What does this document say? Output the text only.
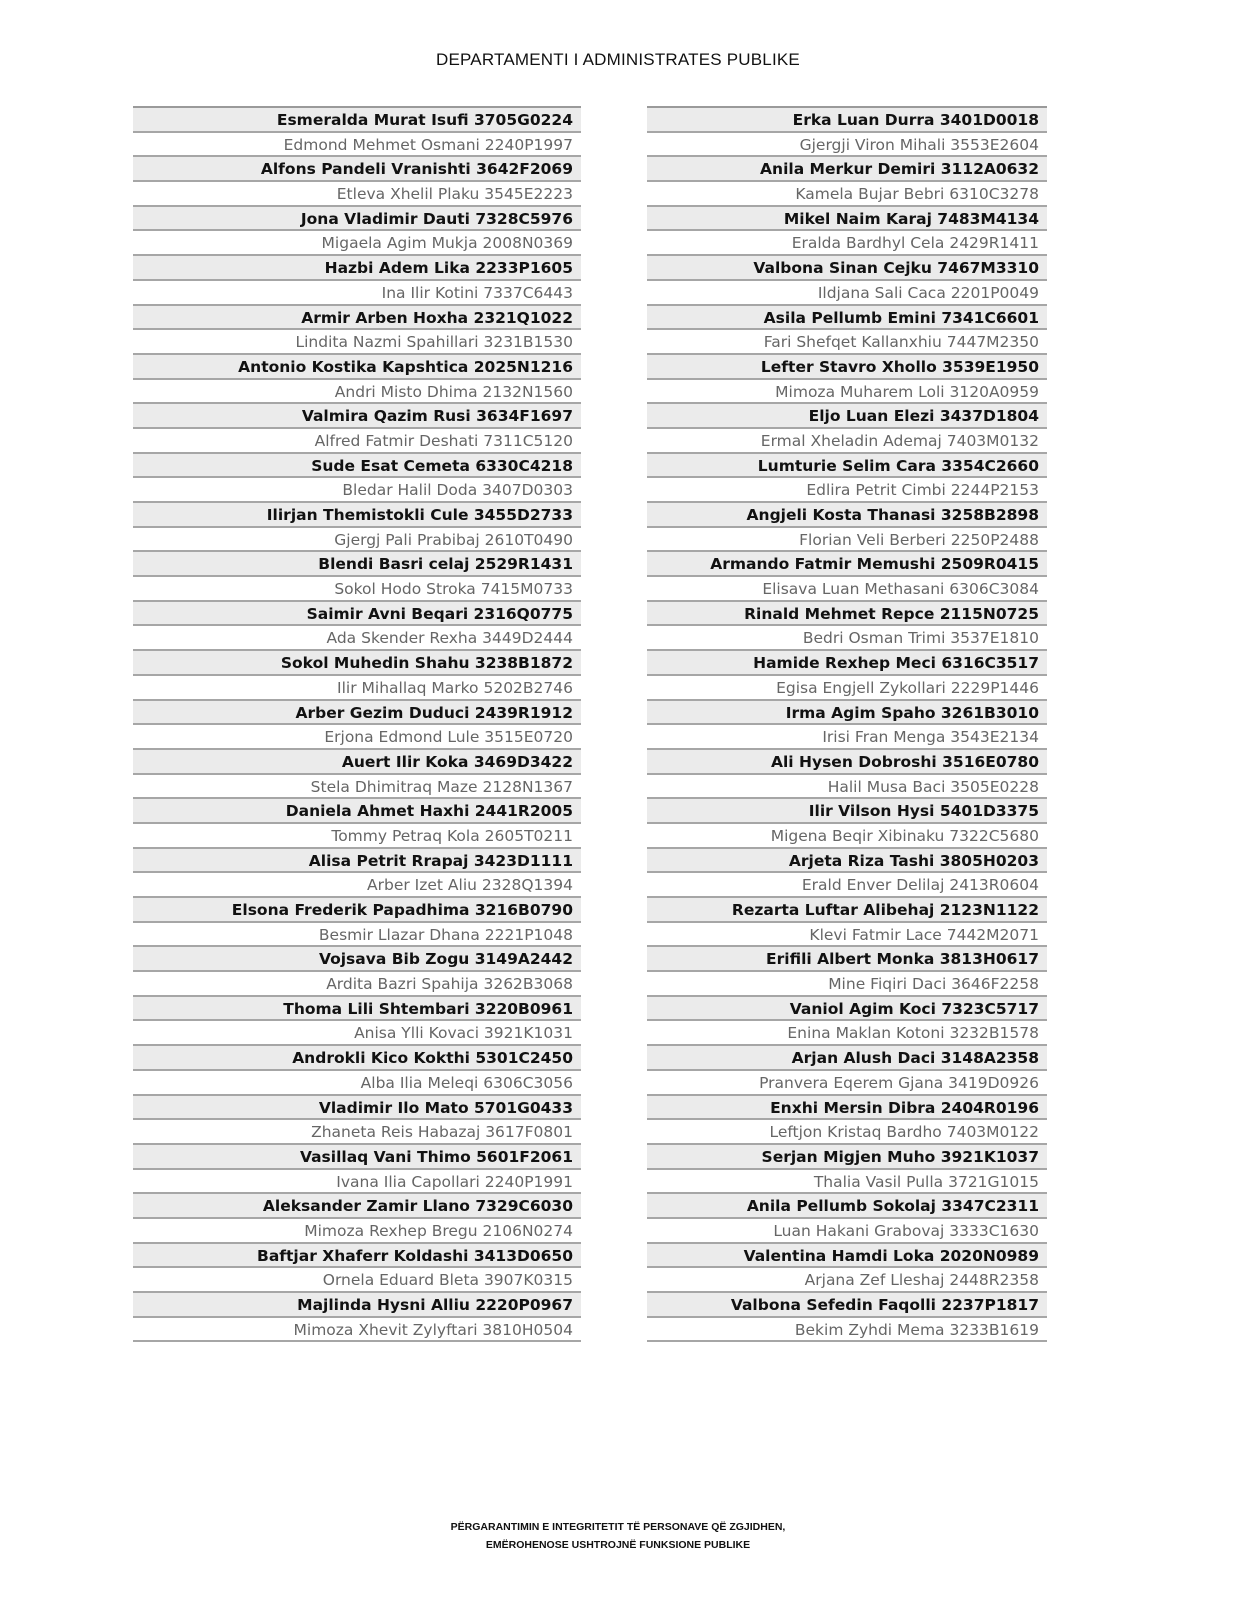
DEPARTAMENTI I ADMINISTRATES PUBLIKE
Esmeralda Murat Isufi 3705G0224
Edmond Mehmet Osmani 2240P1997
Alfons Pandeli Vranishti 3642F2069
Etleva Xhelil Plaku 3545E2223
Jona Vladimir Dauti 7328C5976
Migaela Agim Mukja 2008N0369
Hazbi Adem Lika 2233P1605
Ina Ilir Kotini 7337C6443
Armir Arben Hoxha 2321Q1022
Lindita Nazmi Spahillari 3231B1530
Antonio Kostika Kapshtica 2025N1216
Andri Misto Dhima 2132N1560
Valmira Qazim Rusi 3634F1697
Alfred Fatmir Deshati 7311C5120
Sude Esat Cemeta 6330C4218
Bledar Halil Doda 3407D0303
Ilirjan Themistokli Cule 3455D2733
Gjergj Pali Prabibaj 2610T0490
Blendi Basri celaj 2529R1431
Sokol Hodo Stroka 7415M0733
Saimir Avni Beqari 2316Q0775
Ada Skender Rexha 3449D2444
Sokol Muhedin Shahu 3238B1872
Ilir Mihallaq Marko 5202B2746
Arber Gezim Duduci 2439R1912
Erjona Edmond Lule 3515E0720
Auert Ilir Koka 3469D3422
Stela Dhimitraq Maze 2128N1367
Daniela Ahmet Haxhi 2441R2005
Tommy Petraq Kola 2605T0211
Alisa Petrit Rrapaj 3423D1111
Arber Izet Aliu 2328Q1394
Elsona Frederik Papadhima 3216B0790
Besmir Llazar Dhana 2221P1048
Vojsava Bib Zogu 3149A2442
Ardita Bazri Spahija 3262B3068
Thoma Lili Shtembari 3220B0961
Anisa Ylli Kovaci 3921K1031
Androkli Kico Kokthi 5301C2450
Alba Ilia Meleqi 6306C3056
Vladimir Ilo Mato 5701G0433
Zhaneta Reis Habazaj 3617F0801
Vasillaq Vani Thimo 5601F2061
Ivana Ilia Capollari 2240P1991
Aleksander Zamir Llano 7329C6030
Mimoza Rexhep Bregu 2106N0274
Baftjar Xhaferr Koldashi 3413D0650
Ornela Eduard Bleta 3907K0315
Majlinda Hysni Alliu 2220P0967
Mimoza Xhevit Zylyftari 3810H0504
Erka Luan Durra 3401D0018
Gjergji Viron Mihali 3553E2604
Anila Merkur Demiri 3112A0632
Kamela Bujar Bebri 6310C3278
Mikel Naim Karaj 7483M4134
Eralda Bardhyl Cela 2429R1411
Valbona Sinan Cejku 7467M3310
Ildjana Sali Caca 2201P0049
Asila Pellumb Emini 7341C6601
Fari Shefqet Kallanxhiu 7447M2350
Lefter Stavro Xhollo 3539E1950
Mimoza Muharem Loli 3120A0959
Eljo Luan Elezi 3437D1804
Ermal Xheladin Ademaj 7403M0132
Lumturie Selim Cara 3354C2660
Edlira Petrit Cimbi 2244P2153
Angjeli Kosta Thanasi 3258B2898
Florian Veli Berberi 2250P2488
Armando Fatmir Memushi 2509R0415
Elisava Luan Methasani 6306C3084
Rinald Mehmet Repce 2115N0725
Bedri Osman Trimi 3537E1810
Hamide Rexhep Meci 6316C3517
Egisa Engjell Zykollari 2229P1446
Irma Agim Spaho 3261B3010
Irisi Fran Menga 3543E2134
Ali Hysen Dobroshi 3516E0780
Halil Musa Baci 3505E0228
Ilir Vilson Hysi 5401D3375
Migena Beqir Xibinaku 7322C5680
Arjeta Riza Tashi 3805H0203
Erald Enver Delilaj 2413R0604
Rezarta Luftar Alibehaj 2123N1122
Klevi Fatmir Lace 7442M2071
Erifili Albert Monka 3813H0617
Mine Fiqiri Daci 3646F2258
Vaniol Agim Koci 7323C5717
Enina Maklan Kotoni 3232B1578
Arjan Alush Daci 3148A2358
Pranvera Eqerem Gjana 3419D0926
Enxhi Mersin Dibra 2404R0196
Leftjon Kristaq Bardho 7403M0122
Serjan Migjen Muho 3921K1037
Thalia Vasil Pulla 3721G1015
Anila Pellumb Sokolaj 3347C2311
Luan Hakani Grabovaj 3333C1630
Valentina Hamdi Loka 2020N0989
Arjana Zef Lleshaj 2448R2358
Valbona Sefedin Faqolli 2237P1817
Bekim Zyhdi Mema 3233B1619
PËRGARANTIMIN E INTEGRITETIT TË PERSONAVE QË ZGJIDHEN,
EMËROHENOSE USHTROJNË FUNKSIONE PUBLIKE
